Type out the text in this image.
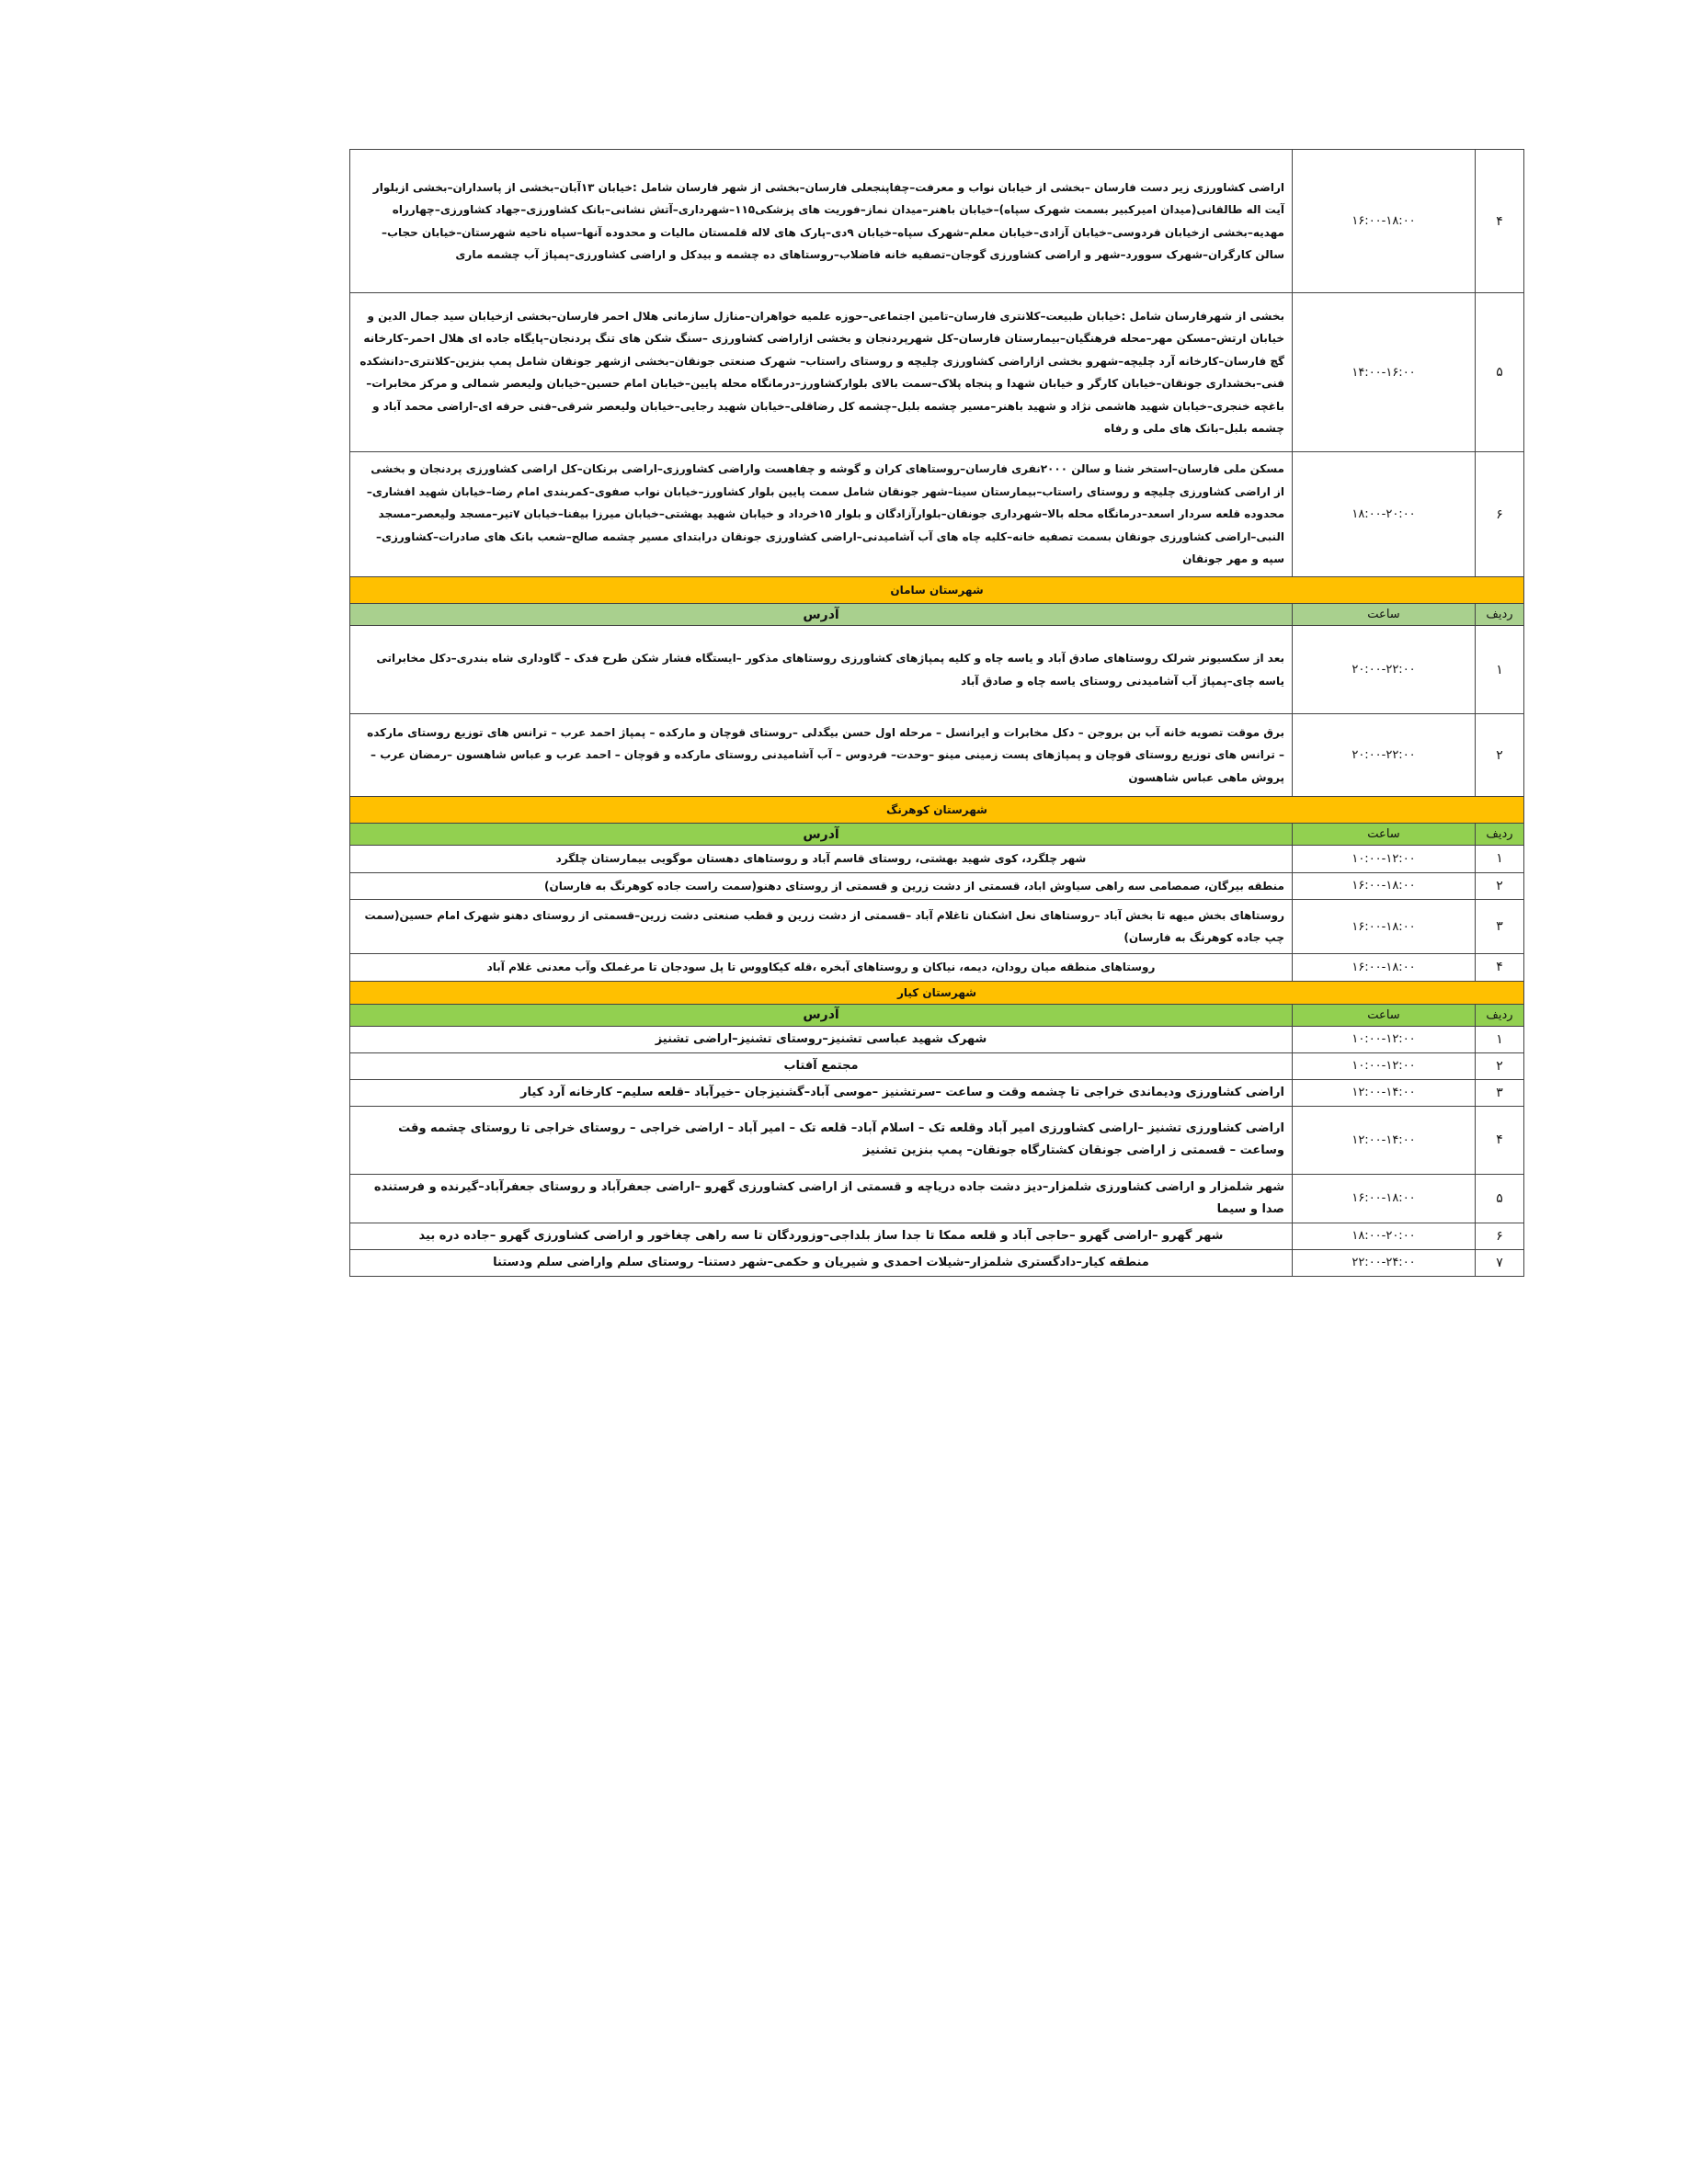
۴	۱۶:۰۰-۱۸:۰۰	اراضی کشاورزی زیر دست فارسان –بخشی از خیابان نواب و معرفت–چفاپنجعلی فارسان–بخشی از شهر فارسان شامل :خیابان ۱۳آبان–بخشی از پاسداران–بخشی ازبلوار آیت اله طالقانی(میدان امیرکبیر بسمت شهرک سپاه)–خیابان باهنر–میدان نماز–فوریت های پزشکی۱۱۵–شهرداری–آتش نشانی–بانک کشاورزی–جهاد کشاورزی–چهارراه مهدیه–بخشی ازخیابان فردوسی–خیابان آزادی–خیابان معلم–شهرک سپاه–خیابان ۹دی–پارک های لاله قلمستان مالیات و محدوده آنها–سپاه ناحیه شهرستان–خیابان حجاب–سالن کارگران–شهرک سوورد–شهر و اراضی کشاورزی گوجان–تصفیه خانه فاضلاب–روستاهای ده چشمه و بیدکل و اراضی کشاورزی–پمپاژ آب چشمه ماری
۵	۱۴:۰۰-۱۶:۰۰	بخشی از شهرفارسان شامل :خیابان طبیعت–کلانتری فارسان–تامین اجتماعی–حوزه علمیه خواهران–منازل سازمانی هلال احمر فارسان–بخشی ازخیابان سید جمال الدین و خیابان ارتش–مسکن مهر–محله فرهنگیان–بیمارستان فارسان–کل شهرپردنجان و بخشی ازاراضی کشاورزی –سنگ شکن های تنگ پردنجان–پایگاه جاده ای هلال احمر–کارخانه گچ فارسان–کارخانه آرد چلیچه–شهرو بخشی ازاراضی کشاورزی چلیچه و روستای راستاب– شهرک صنعتی جونقان–بخشی ازشهر جونقان شامل پمپ بنزین–کلانتری–دانشکده فنی–بخشداری جونقان–خیابان کارگر و خیابان شهدا و پنجاه پلاک–سمت بالای بلوارکشاورز–درمانگاه محله پایین–خیابان امام حسین–خیابان ولیعصر شمالی و مرکز مخابرات–باغچه خنجری–خیابان شهید هاشمی نژاد و شهید باهنر–مسیر چشمه بلبل–چشمه کل رضاقلی–خیابان شهید رجایی–خیابان ولیعصر شرقی–فنی حرفه ای–اراضی محمد آباد و چشمه بلبل–بانک های ملی و رفاه
۶	۱۸:۰۰-۲۰:۰۰	مسکن ملی فارسان–استخر شنا و سالن ۲۰۰۰نفری فارسان–روستاهای کران و گوشه و چفاهست واراضی کشاورزی–اراضی برنکان–کل اراضی کشاورزی پردنجان و بخشی از اراضی کشاورزی چلیچه و روستای راستاب–بیمارستان سینا–شهر جونقان شامل سمت پایین بلوار کشاورز–خیابان نواب صفوی–کمربندی امام رضا–خیابان شهید افشاری–محدوده قلعه سردار اسعد–درمانگاه محله بالا–شهرداری جونقان–بلوارآزادگان و بلوار ۱۵خرداد و خیابان شهید بهشتی–خیابان میرزا بیفنا–خیابان ۷تیر–مسجد ولیعصر–مسجد النبی–اراضی کشاورزی جونقان بسمت تصفیه خانه–کلیه چاه های آب آشامیدنی–اراضی کشاورزی جونقان درابتدای مسیر چشمه صالح–شعب بانک های صادرات–کشاورزی–سپه و مهر جونقان
شهرستان سامان		
ردیف	ساعت	آدرس
۱	۲۰:۰۰-۲۲:۰۰	بعد از سکسیونر شرلک روستاهای صادق آباد و یاسه چاه و کلیه پمپاژهای کشاورزی روستاهای مذکور –ایستگاه فشار شکن طرح فدک – گاوداری شاه بندری–دکل مخابراتی یاسه چای–پمپاژ آب آشامیدنی روستای یاسه چاه و صادق آباد
۲	۲۰:۰۰-۲۲:۰۰	برق موقت تصویه خانه آب بن بروجن – دکل مخابرات و ایرانسل – مرحله اول حسن بیگدلی –روستای قوچان و مارکده – پمپاژ احمد عرب – ترانس های توزیع روستای مارکده – ترانس های توزیع روستای قوچان و پمپاژهای پست زمینی مینو –وحدت– فردوس – آب آشامیدنی روستای مارکده و قوچان – احمد عرب و عباس شاهسون –رمضان عرب – پروش ماهی عباس شاهسون
شهرستان کوهرنگ		
ردیف	ساعت	آدرس
۱	۱۰:۰۰-۱۲:۰۰	شهر چلگرد، کوی شهید بهشتی، روستای قاسم آباد و روستاهای دهستان موگویی بیمارستان چلگرد
۲	۱۶:۰۰-۱۸:۰۰	منطقه بیرگان، صمصامی سه راهی سیاوش اباد، قسمتی از دشت زرین و قسمتی از روستای دهنو(سمت راست جاده کوهرنگ به فارسان)
۳	۱۶:۰۰-۱۸:۰۰	روستاهای بخش میهه تا بخش آباد –روستاهای نعل اشکنان تاغلام آباد –قسمتی از دشت زرین و قطب صنعتی دشت زرین–قسمتی از روستای دهنو شهرک امام حسین(سمت چپ جاده کوهرنگ به فارسان)
۴	۱۶:۰۰-۱۸:۰۰	روستاهای منطقه میان رودان، دیمه، نیاکان و روستاهای آبخره ،قله کیکاووس تا پل سودجان تا مرغملک وآب معدنی غلام آباد
شهرستان کیار		
ردیف	ساعت	آدرس
۱	۱۰:۰۰-۱۲:۰۰	شهرک شهید عباسی تشنیز–روستای تشنیز–اراضی تشنیز
۲	۱۰:۰۰-۱۲:۰۰	مجتمع آفتاب
۳	۱۲:۰۰-۱۴:۰۰	اراضی کشاورزی ودیماندی خراجی تا چشمه وقت و ساعت –سرتشنیز –موسی آباد–گشنیزجان –خیرآباد –قلعه سلیم– کارخانه آرد کیار
۴	۱۲:۰۰-۱۴:۰۰	اراضی کشاورزی تشنیز –اراضی کشاورزی امیر آباد وقلعه تک – اسلام آباد– قلعه تک – امیر آباد – اراضی خراجی – روستای خراجی تا روستای چشمه وقت وساعت – قسمتی ز اراضی جونقان کشتارگاه جونقان– پمپ بنزین تشنیز
۵	۱۶:۰۰-۱۸:۰۰	شهر شلمزار و اراضی کشاورزی شلمزار–دیز دشت جاده دریاچه و قسمتی از اراضی کشاورزی گهرو –اراضی جعفرآباد و روستای جعفرآباد–گیرنده و فرستنده صدا و سیما
۶	۱۸:۰۰-۲۰:۰۰	شهر گهرو –اراضی گهرو –حاجی آباد و قلعه ممکا تا جدا ساز بلداجی–وزوردگان تا سه راهی چغاخور و اراضی کشاورزی گهرو –جاده دره بید
۷	۲۲:۰۰-۲۴:۰۰	منطقه کیار–دادگستری شلمزار–شیلات احمدی و شیریان و حکمی–شهر دستنا– روستای سلم واراضی سلم ودستنا
